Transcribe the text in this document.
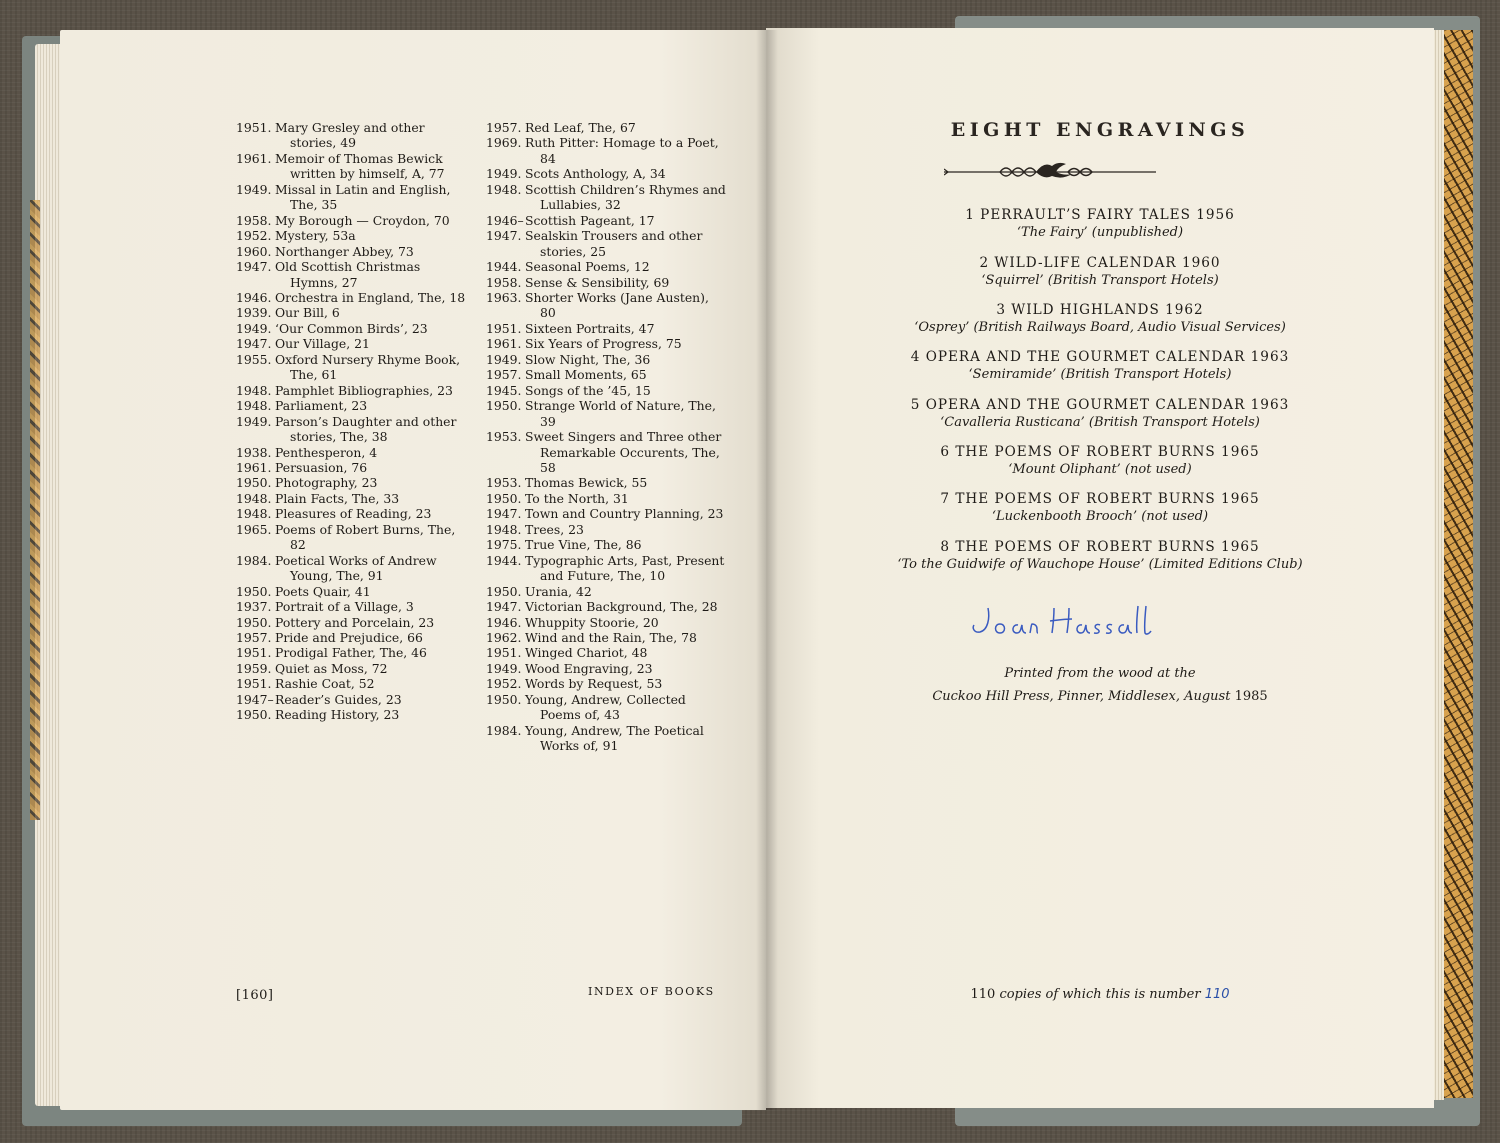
1951. Mary Gresley and other stories, 49
1961. Memoir of Thomas Bewick written by himself, A, 77
1949. Missal in Latin and English, The, 35
1958. My Borough — Croydon, 70
1952. Mystery, 53a
1960. Northanger Abbey, 73
1947. Old Scottish Christmas Hymns, 27
1946. Orchestra in England, The, 18
1939. Our Bill, 6
1949. ‘Our Common Birds’, 23
1947. Our Village, 21
1955. Oxford Nursery Rhyme Book, The, 61
1948. Pamphlet Bibliographies, 23
1948. Parliament, 23
1949. Parson’s Daughter and other stories, The, 38
1938. Penthesperon, 4
1961. Persuasion, 76
1950. Photography, 23
1948. Plain Facts, The, 33
1948. Pleasures of Reading, 23
1965. Poems of Robert Burns, The, 82
1984. Poetical Works of Andrew Young, The, 91
1950. Poets Quair, 41
1937. Portrait of a Village, 3
1950. Pottery and Porcelain, 23
1957. Pride and Prejudice, 66
1951. Prodigal Father, The, 46
1959. Quiet as Moss, 72
1951. Rashie Coat, 52
1947– Reader’s Guides, 23
1950. Reading History, 23
1957. Red Leaf, The, 67
1969. Ruth Pitter: Homage to a Poet, 84
1949. Scots Anthology, A, 34
1948. Scottish Children’s Rhymes and Lullabies, 32
1946– Scottish Pageant, 17
1947. Sealskin Trousers and other stories, 25
1944. Seasonal Poems, 12
1958. Sense & Sensibility, 69
1963. Shorter Works (Jane Austen), 80
1951. Sixteen Portraits, 47
1961. Six Years of Progress, 75
1949. Slow Night, The, 36
1957. Small Moments, 65
1945. Songs of the ’45, 15
1950. Strange World of Nature, The, 39
1953. Sweet Singers and Three other Remarkable Occurents, The, 58
1953. Thomas Bewick, 55
1950. To the North, 31
1947. Town and Country Planning, 23
1948. Trees, 23
1975. True Vine, The, 86
1944. Typographic Arts, Past, Present and Future, The, 10
1950. Urania, 42
1947. Victorian Background, The, 28
1946. Whuppity Stoorie, 20
1962. Wind and the Rain, The, 78
1951. Winged Chariot, 48
1949. Wood Engraving, 23
1952. Words by Request, 53
1950. Young, Andrew, Collected Poems of, 43
1984. Young, Andrew, The Poetical Works of, 91
[160]	INDEX OF BOOKS
EIGHT ENGRAVINGS
1 PERRAULT’S FAIRY TALES 1956
‘The Fairy’ (unpublished)
2 WILD-LIFE CALENDAR 1960
‘Squirrel’ (British Transport Hotels)
3 WILD HIGHLANDS 1962
‘Osprey’ (British Railways Board, Audio Visual Services)
4 OPERA AND THE GOURMET CALENDAR 1963
‘Semiramide’ (British Transport Hotels)
5 OPERA AND THE GOURMET CALENDAR 1963
‘Cavalleria Rusticana’ (British Transport Hotels)
6 THE POEMS OF ROBERT BURNS 1965
‘Mount Oliphant’ (not used)
7 THE POEMS OF ROBERT BURNS 1965
‘Luckenbooth Brooch’ (not used)
8 THE POEMS OF ROBERT BURNS 1965
‘To the Guidwife of Wauchope House’ (Limited Editions Club)
Printed from the wood at the
Cuckoo Hill Press, Pinner, Middlesex, August 1985
110 copies of which this is number 110
